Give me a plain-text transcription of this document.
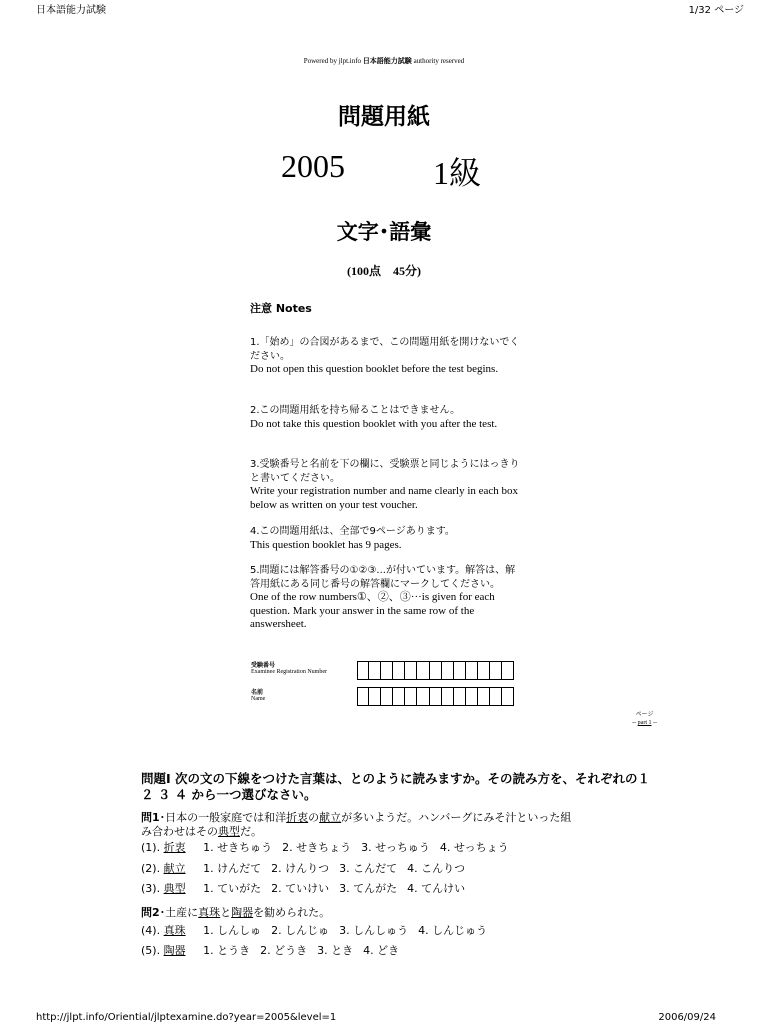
日本語能力試験	1/32 ページ
Powered by jlpt.info 日本語能力試験 authority reserved
問題用紙
2005	1級
文字･語彙
(100点　45分)
注意 Notes
1.「始め」の合図があるまで、この問題用紙を開けないでください。
Do not open this question booklet before the test begins.
2.この問題用紙を持ち帰ることはできません。
Do not take this question booklet with you after the test.
3.受験番号と名前を下の欄に、受験票と同じようにはっきりと書いてください。
Write your registration number and name clearly in each box below as written on your test voucher.
4.この問題用紙は、全部で9ページあります。
This question booklet has 9 pages.
5.問題には解答番号の①②③...が付いています。解答は、解答用紙にある同じ番号の解答欄にマークしてください。
One of the row numbers①、②、③···is given for each question. Mark your answer in the same row of the answersheet.
受験番号
Examinee Registration Number
名前
Name
ページ
-- part 1 --
問題Ⅰ 次の文の下線をつけた言葉は、とのように読みますか。その読み方を、それぞれの１ ２ ３ ４ から一つ選びなさい。
問1･日本の一般家庭では和洋折衷の献立が多いようだ。ハンバーグにみそ汁といった組
み合わせはその典型だ。
(1). 折衷 1. せきちゅう 2. せきちょう 3. せっちゅう 4. せっちょう
(2). 献立 1. けんだて 2. けんりつ 3. こんだて 4. こんりつ
(3). 典型 1. ていがた 2. ていけい 3. てんがた 4. てんけい
問2･土産に真珠と陶器を勧められた。
(4). 真珠 1. しんしゅ 2. しんじゅ 3. しんしゅう 4. しんじゅう
(5). 陶器 1. とうき 2. どうき 3. とき 4. どき
http://jlpt.info/Oriential/jlptexamine.do?year=2005&level=1	2006/09/24
